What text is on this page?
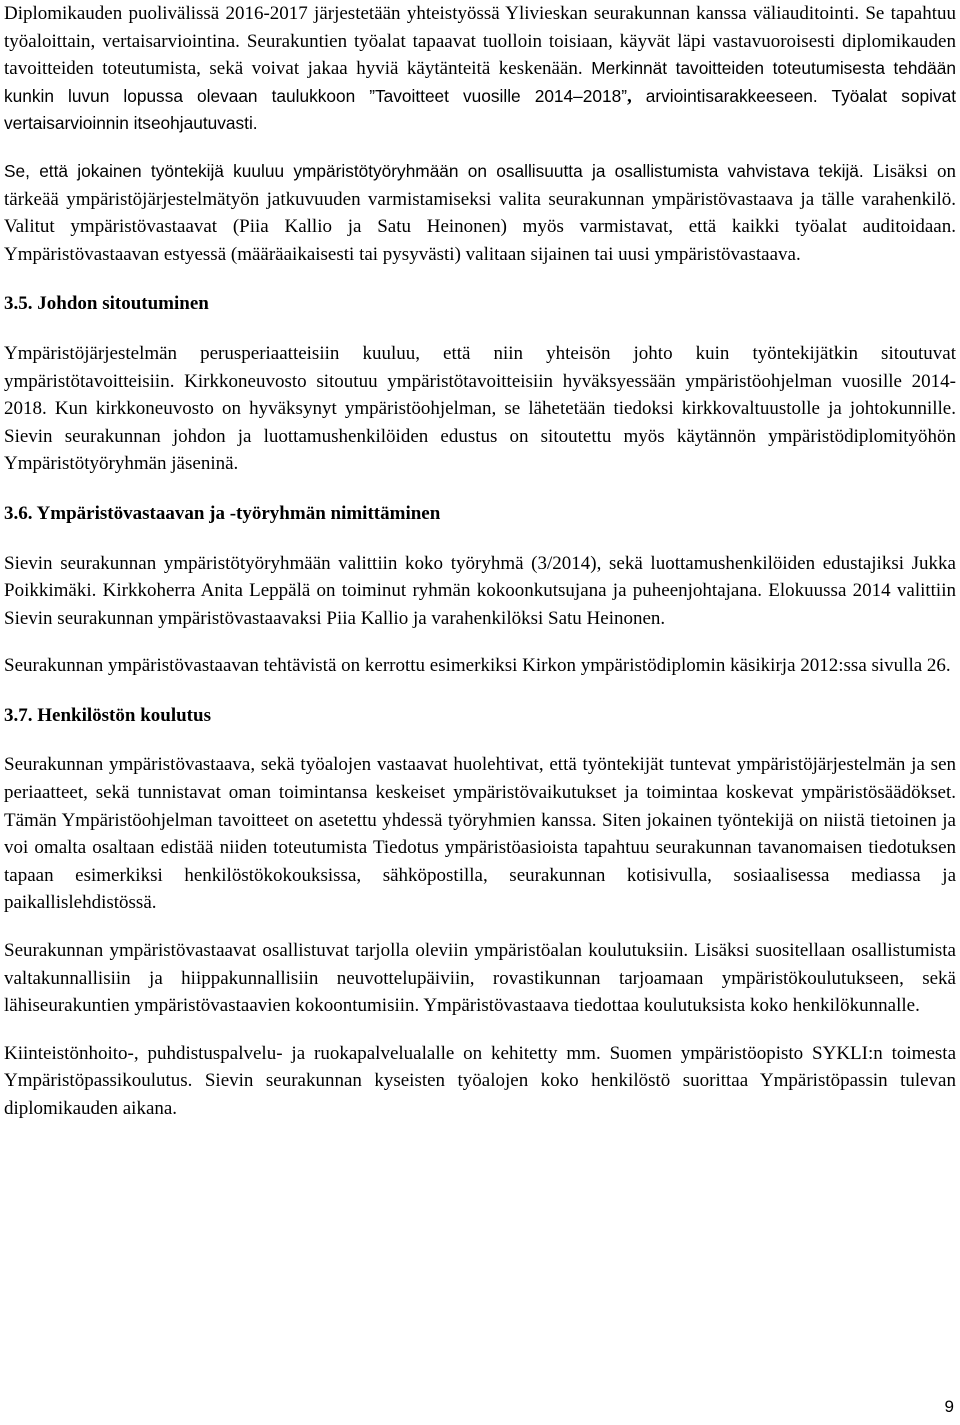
Diplomikauden puolivälissä 2016-2017 järjestetään yhteistyössä Ylivieskan seurakunnan kanssa väliauditointi. Se tapahtuu työaloittain, vertaisarviointina. Seurakuntien työalat tapaavat tuolloin toisiaan, käyvät läpi vastavuoroisesti diplomikauden tavoitteiden toteutumista, sekä voivat jakaa hyviä käytänteitä keskenään. Merkinnät tavoitteiden toteutumisesta tehdään kunkin luvun lopussa olevaan taulukkoon ”Tavoitteet vuosille 2014–2018”, arviointisarakkeeseen. Työalat sopivat vertaisarvioinnin itseohjautuvasti.

Se, että jokainen työntekijä kuuluu ympäristötyöryhmään on osallisuutta ja osallistumista vahvistava tekijä. Lisäksi on tärkeää ympäristöjärjestelmätyön jatkuvuuden varmistamiseksi valita seurakunnan ympäristövastaava ja tälle varahenkilö. Valitut ympäristövastaavat (Piia Kallio ja Satu Heinonen) myös varmistavat, että kaikki työalat auditoidaan. Ympäristövastaavan estyessä (määräaikaisesti tai pysyvästi) valitaan sijainen tai uusi ympäristövastaava.

3.5. Johdon sitoutuminen

Ympäristöjärjestelmän perusperiaatteisiin kuuluu, että niin yhteisön johto kuin työntekijätkin sitoutuvat ympäristötavoitteisiin. Kirkkoneuvosto sitoutuu ympäristötavoitteisiin hyväksyessään ympäristöohjelman vuosille 2014-2018. Kun kirkkoneuvosto on hyväksynyt ympäristöohjelman, se lähetetään tiedoksi kirkkovaltuustolle ja johtokunnille. Sievin seurakunnan johdon ja luottamushenkilöiden edustus on sitoutettu myös käytännön ympäristödiplomityöhön Ympäristötyöryhmän jäseninä.

3.6. Ympäristövastaavan ja -työryhmän nimittäminen

Sievin seurakunnan ympäristötyöryhmään valittiin koko työryhmä (3/2014), sekä luottamushenkilöiden edustajiksi Jukka Poikkimäki. Kirkkoherra Anita Leppälä on toiminut ryhmän kokoonkutsujana ja puheenjohtajana. Elokuussa 2014 valittiin Sievin seurakunnan ympäristövastaavaksi Piia Kallio ja varahenkilöksi Satu Heinonen.

Seurakunnan ympäristövastaavan tehtävistä on kerrottu esimerkiksi Kirkon ympäristödiplomin käsikirja 2012:ssa sivulla 26.

3.7. Henkilöstön koulutus

Seurakunnan ympäristövastaava, sekä työalojen vastaavat huolehtivat, että työntekijät tuntevat ympäristöjärjestelmän ja sen periaatteet, sekä tunnistavat oman toimintansa keskeiset ympäristövaikutukset ja toimintaa koskevat ympäristösäädökset. Tämän Ympäristöohjelman tavoitteet on asetettu yhdessä työryhmien kanssa. Siten jokainen työntekijä on niistä tietoinen ja voi omalta osaltaan edistää niiden toteutumista Tiedotus ympäristöasioista tapahtuu seurakunnan tavanomaisen tiedotuksen tapaan esimerkiksi henkilöstökokouksissa, sähköpostilla, seurakunnan kotisivulla, sosiaalisessa mediassa ja paikallislehdistössä.

Seurakunnan ympäristövastaavat osallistuvat tarjolla oleviin ympäristöalan koulutuksiin. Lisäksi suositellaan osallistumista valtakunnallisiin ja hiippakunnallisiin neuvottelupäiviin, rovastikunnan tarjoamaan ympäristökoulutukseen, sekä lähiseurakuntien ympäristövastaavien kokoontumisiin. Ympäristövastaava tiedottaa koulutuksista koko henkilökunnalle.

Kiinteistönhoito-, puhdistuspalvelu- ja ruokapalvelualalle on kehitetty mm. Suomen ympäristöopisto SYKLI:n toimesta Ympäristöpassikoulutus. Sievin seurakunnan kyseisten työalojen koko henkilöstö suorittaa Ympäristöpassin tulevan diplomikauden aikana.

9
